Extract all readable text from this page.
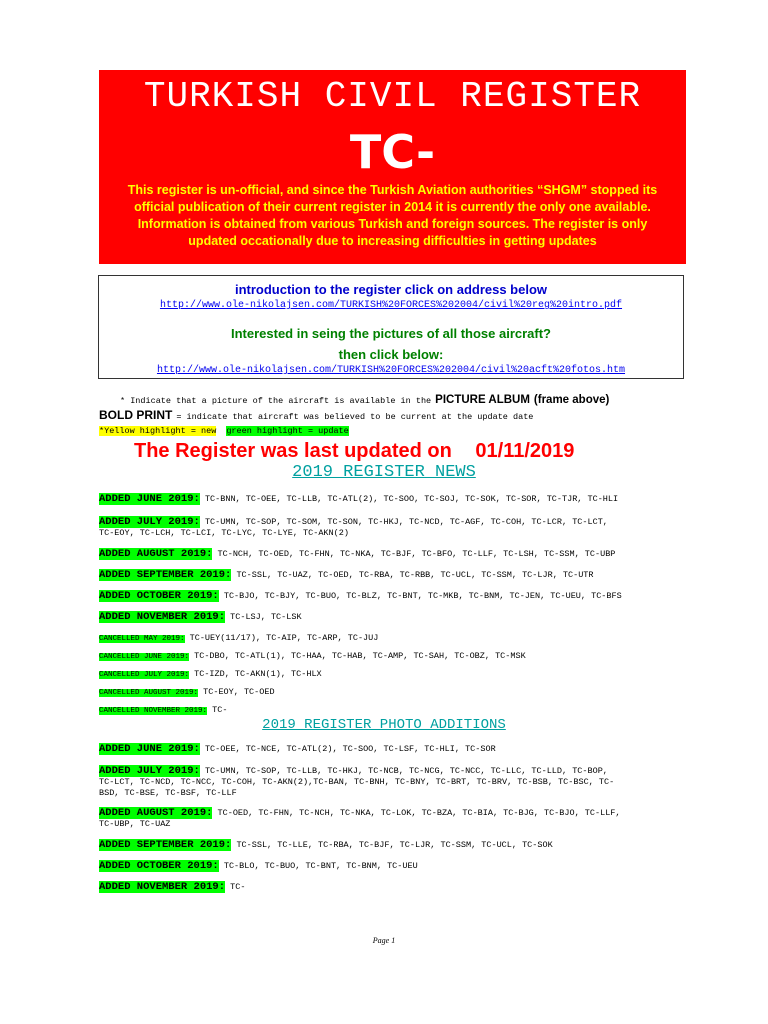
TURKISH CIVIL REGISTER
TC-
This register is un-official, and since the Turkish Aviation authorities “SHGM” stopped its official publication of their current register in 2014 it is currently the only one available. Information is obtained from various Turkish and foreign sources. The register is only updated occationally due to increasing difficulties in getting updates
introduction to the register click on address below
http://www.ole-nikolajsen.com/TURKISH%20FORCES%202004/civil%20reg%20intro.pdf
Interested in seing the pictures of all those aircraft?
then click below:
http://www.ole-nikolajsen.com/TURKISH%20FORCES%202004/civil%20acft%20fotos.htm
* Indicate that a picture of the aircraft is available in the PICTURE ALBUM (frame above)
BOLD PRINT = indicate that aircraft was believed to be current at the update date
*Yellow highlight = new green highlight = update
The Register was last updated on 01/11/2019
2019 REGISTER NEWS
ADDED JUNE 2019: TC-BNN, TC-OEE, TC-LLB, TC-ATL(2), TC-SOO, TC-SOJ, TC-SOK, TC-SOR, TC-TJR, TC-HLI
ADDED JULY 2019: TC-UMN, TC-SOP, TC-SOM, TC-SON, TC-HKJ, TC-NCD, TC-AGF, TC-COH, TC-LCR, TC-LCT,
TC-EOY, TC-LCH, TC-LCI, TC-LYC, TC-LYE, TC-AKN(2)
ADDED AUGUST 2019: TC-NCH, TC-OED, TC-FHN, TC-NKA, TC-BJF, TC-BFO, TC-LLF, TC-LSH, TC-SSM, TC-UBP
ADDED SEPTEMBER 2019: TC-SSL, TC-UAZ, TC-OED, TC-RBA, TC-RBB, TC-UCL, TC-SSM, TC-LJR, TC-UTR
ADDED OCTOBER 2019: TC-BJO, TC-BJY, TC-BUO, TC-BLZ, TC-BNT, TC-MKB, TC-BNM, TC-JEN, TC-UEU, TC-BFS
ADDED NOVEMBER 2019: TC-LSJ, TC-LSK
CANCELLED MAY 2019: TC-UEY(11/17), TC-AIP, TC-ARP, TC-JUJ
CANCELLED JUNE 2019: TC-DBO, TC-ATL(1), TC-HAA, TC-HAB, TC-AMP, TC-SAH, TC-OBZ, TC-MSK
CANCELLED JULY 2019: TC-IZD, TC-AKN(1), TC-HLX
CANCELLED AUGUST 2019: TC-EOY, TC-OED
CANCELLED NOVEMBER 2019: TC-
2019 REGISTER PHOTO ADDITIONS
ADDED JUNE 2019: TC-OEE, TC-NCE, TC-ATL(2), TC-SOO, TC-LSF, TC-HLI, TC-SOR
ADDED JULY 2019: TC-UMN, TC-SOP, TC-LLB, TC-HKJ, TC-NCB, TC-NCG, TC-NCC, TC-LLC, TC-LLD, TC-BOP,
TC-LCT, TC-NCD, TC-NCC, TC-COH, TC-AKN(2),TC-BAN, TC-BNH, TC-BNY, TC-BRT, TC-BRV, TC-BSB, TC-BSC, TC-
BSD, TC-BSE, TC-BSF, TC-LLF
ADDED AUGUST 2019: TC-OED, TC-FHN, TC-NCH, TC-NKA, TC-LOK, TC-BZA, TC-BIA, TC-BJG, TC-BJO, TC-LLF,
TC-UBP, TC-UAZ
ADDED SEPTEMBER 2019: TC-SSL, TC-LLE, TC-RBA, TC-BJF, TC-LJR, TC-SSM, TC-UCL, TC-SOK
ADDED OCTOBER 2019: TC-BLO, TC-BUO, TC-BNT, TC-BNM, TC-UEU
ADDED NOVEMBER 2019: TC-
Page 1
